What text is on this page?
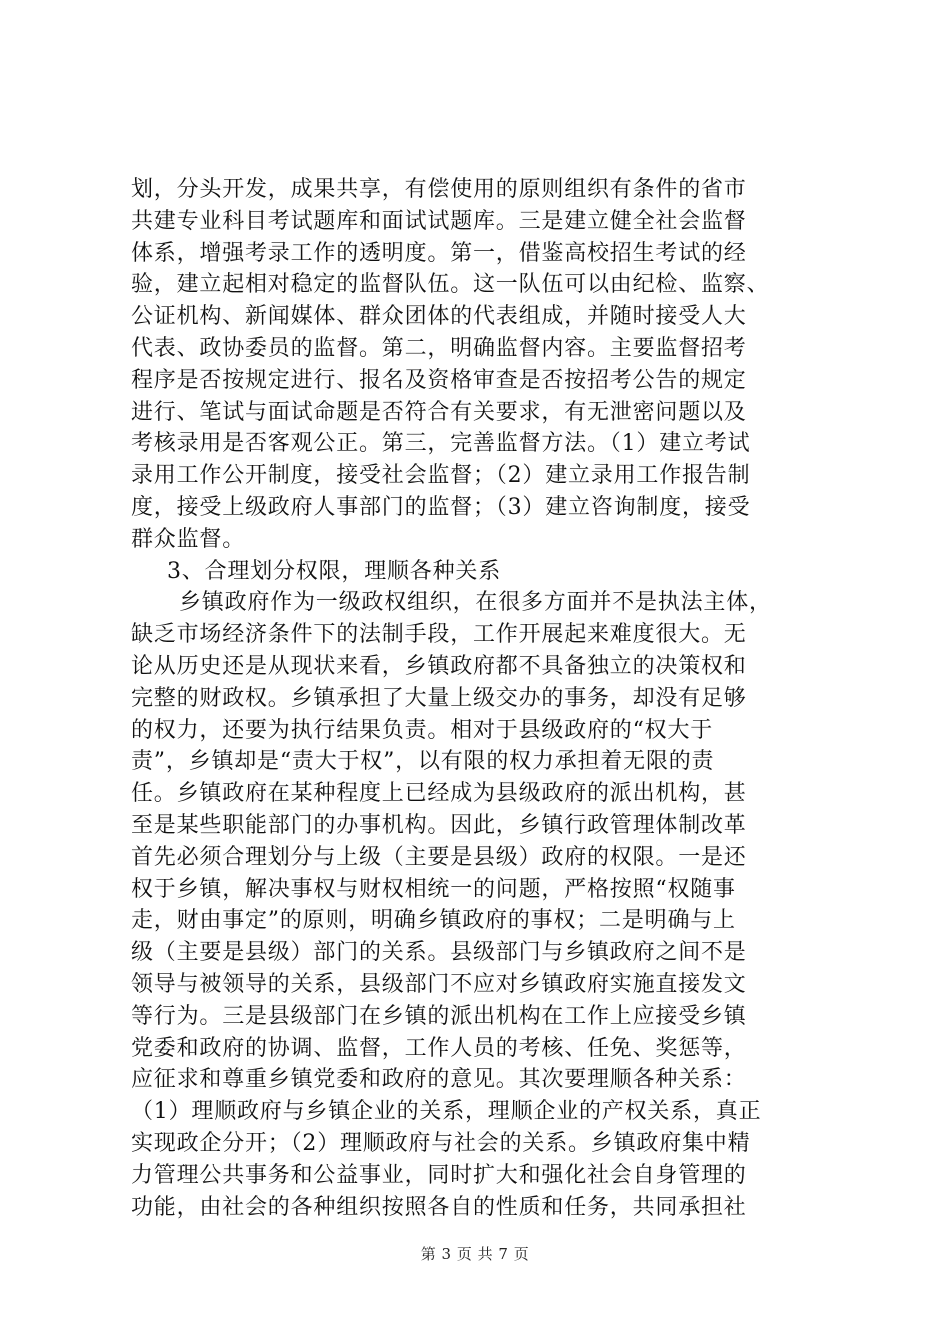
划，分头开发，成果共享，有偿使用的原则组织有条件的省市
共建专业科目考试题库和面试试题库。三是建立健全社会监督
体系，增强考录工作的透明度。第一，借鉴高校招生考试的经
验，建立起相对稳定的监督队伍。这一队伍可以由纪检、监察、
公证机构、新闻媒体、群众团体的代表组成，并随时接受人大
代表、政协委员的监督。第二，明确监督内容。主要监督招考
程序是否按规定进行、报名及资格审查是否按招考公告的规定
进行、笔试与面试命题是否符合有关要求，有无泄密问题以及
考核录用是否客观公正。第三，完善监督方法。（1）建立考试
录用工作公开制度，接受社会监督；（2）建立录用工作报告制
度，接受上级政府人事部门的监督；（3）建立咨询制度，接受
群众监督。
3、合理划分权限，理顺各种关系
乡镇政府作为一级政权组织，在很多方面并不是执法主体，
缺乏市场经济条件下的法制手段，工作开展起来难度很大。无
论从历史还是从现状来看，乡镇政府都不具备独立的决策权和
完整的财政权。乡镇承担了大量上级交办的事务，却没有足够
的权力，还要为执行结果负责。相对于县级政府的“权大于
责”，乡镇却是“责大于权”，以有限的权力承担着无限的责
任。乡镇政府在某种程度上已经成为县级政府的派出机构，甚
至是某些职能部门的办事机构。因此，乡镇行政管理体制改革
首先必须合理划分与上级（主要是县级）政府的权限。一是还
权于乡镇，解决事权与财权相统一的问题，严格按照“权随事
走，财由事定”的原则，明确乡镇政府的事权；二是明确与上
级（主要是县级）部门的关系。县级部门与乡镇政府之间不是
领导与被领导的关系，县级部门不应对乡镇政府实施直接发文
等行为。三是县级部门在乡镇的派出机构在工作上应接受乡镇
党委和政府的协调、监督，工作人员的考核、任免、奖惩等，
应征求和尊重乡镇党委和政府的意见。其次要理顺各种关系：
（1）理顺政府与乡镇企业的关系，理顺企业的产权关系，真正
实现政企分开；（2）理顺政府与社会的关系。乡镇政府集中精
力管理公共事务和公益事业，同时扩大和强化社会自身管理的
功能，由社会的各种组织按照各自的性质和任务，共同承担社
第 3 页 共 7 页
